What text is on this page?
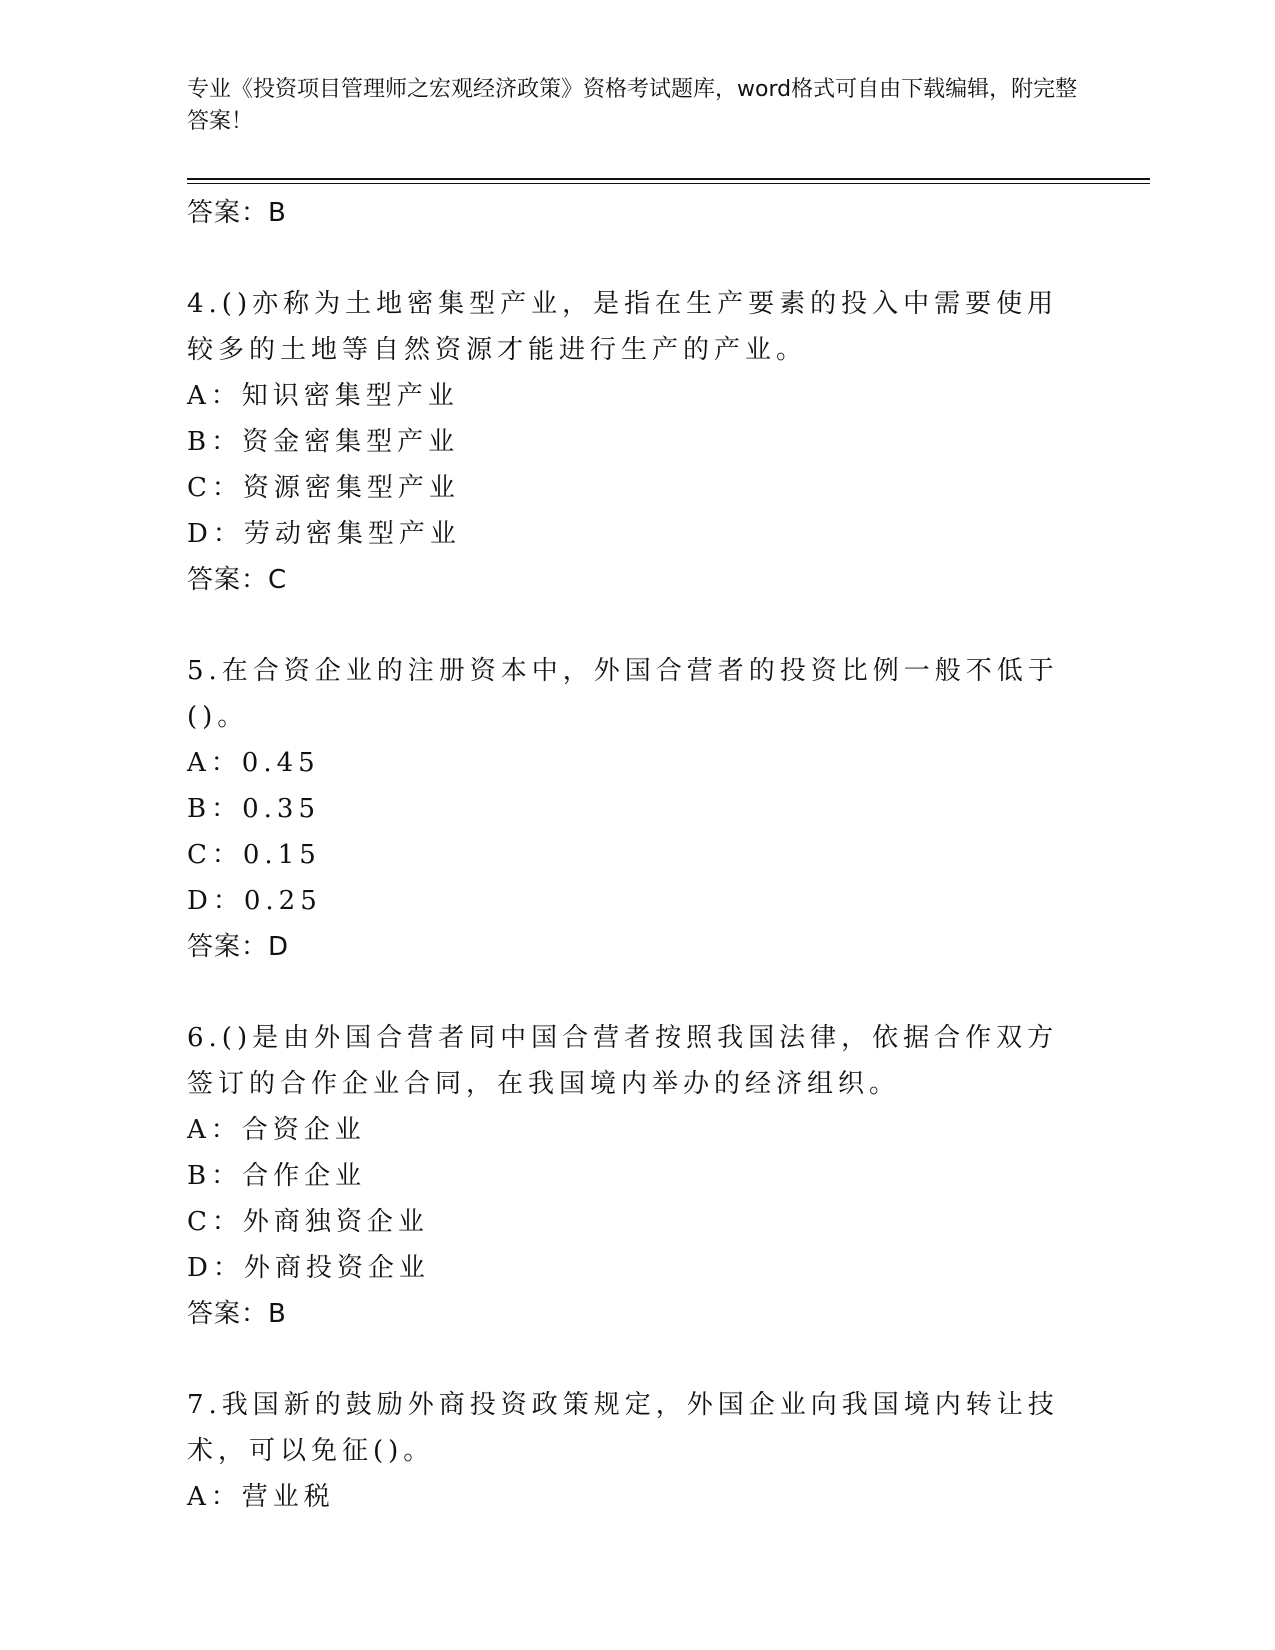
专业《投资项目管理师之宏观经济政策》资格考试题库，word格式可自由下载编辑，附完整答案！
答案：B
4.()亦称为土地密集型产业，是指在生产要素的投入中需要使用较多的土地等自然资源才能进行生产的产业。
A：知识密集型产业
B：资金密集型产业
C：资源密集型产业
D：劳动密集型产业
答案：C
5.在合资企业的注册资本中，外国合营者的投资比例一般不低于()。
A：0.45
B：0.35
C：0.15
D：0.25
答案：D
6.()是由外国合营者同中国合营者按照我国法律，依据合作双方签订的合作企业合同，在我国境内举办的经济组织。
A：合资企业
B：合作企业
C：外商独资企业
D：外商投资企业
答案：B
7.我国新的鼓励外商投资政策规定，外国企业向我国境内转让技术，可以免征()。
A：营业税
